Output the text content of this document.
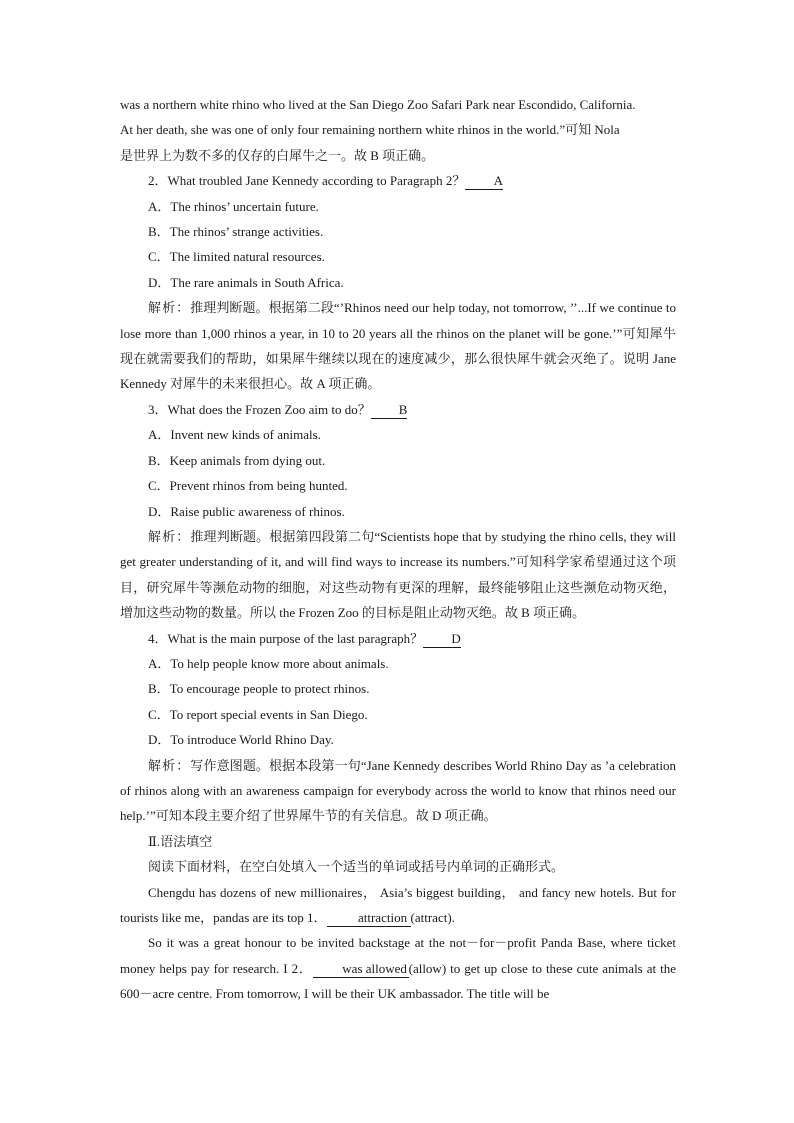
was a northern white rhino who lived at the San Diego Zoo Safari Park near Escondido, California.

At her death, she was one of only four remaining northern white rhinos in the world.”可知 Nola

是世界上为数不多的仅存的白犀牛之一。故 B 项正确。

2．What troubled Jane Kennedy according to Paragraph 2？ A

A．The rhinos’ uncertain future.

B．The rhinos’ strange activities.

C．The limited natural resources.

D．The rare animals in South Africa.

解析：推理判断题。根据第二段“’Rhinos need our help today, not tomorrow, ’’...If we continue to lose more than 1,000 rhinos a year, in 10 to 20 years all the rhinos on the planet will be gone.’”可知犀牛现在就需要我们的帮助，如果犀牛继续以现在的速度减少，那么很快犀牛就会灭绝了。说明 Jane Kennedy 对犀牛的未来很担心。故 A 项正确。

3．What does the Frozen Zoo aim to do？ B

A．Invent new kinds of animals.

B．Keep animals from dying out.

C．Prevent rhinos from being hunted.

D．Raise public awareness of rhinos.

解析：推理判断题。根据第四段第二句“Scientists hope that by studying the rhino cells, they will get greater understanding of it, and will find ways to increase its numbers.”可知科学家希望通过这个项目，研究犀牛等濒危动物的细胞，对这些动物有更深的理解，最终能够阻止这些濒危动物灭绝，增加这些动物的数量。所以 the Frozen Zoo 的目标是阻止动物灭绝。故 B 项正确。

4．What is the main purpose of the last paragraph？ D

A．To help people know more about animals.

B．To encourage people to protect rhinos.

C．To report special events in San Diego.

D．To introduce World Rhino Day.

解析：写作意图题。根据本段第一句“Jane Kennedy describes World Rhino Day as ’a celebration of rhinos along with an awareness campaign for everybody across the world to know that rhinos need our help.’”可知本段主要介绍了世界犀牛节的有关信息。故 D 项正确。

Ⅱ.语法填空

阅读下面材料，在空白处填入一个适当的单词或括号内单词的正确形式。

Chengdu has dozens of new millionaires， Asia’s biggest building， and fancy new hotels. But for tourists like me，pandas are its top 1． attraction (attract).

So it was a great honour to be invited backstage at the not－for－profit Panda Base, where ticket money helps pay for research. I 2． was allowed (allow) to get up close to these cute animals at the 600－acre centre. From tomorrow, I will be their UK ambassador. The title will be
